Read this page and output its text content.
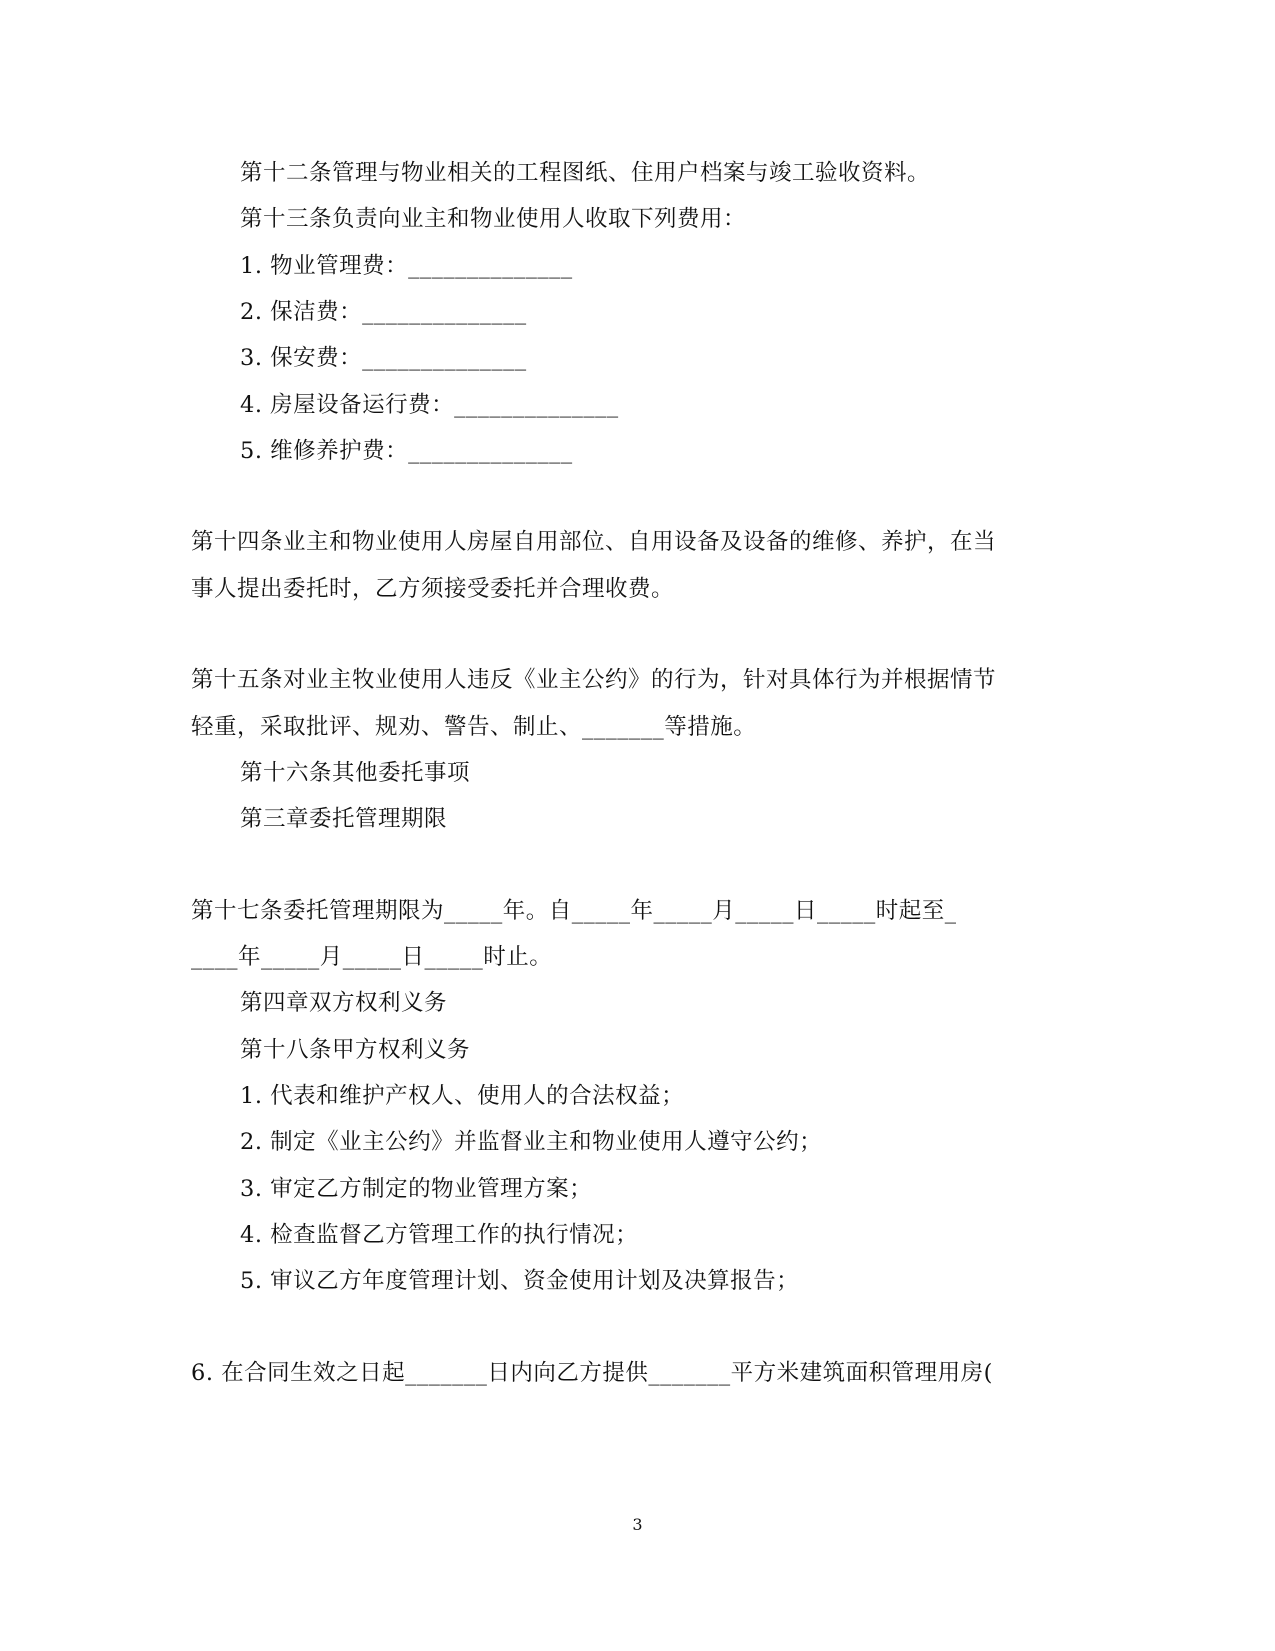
第十二条管理与物业相关的工程图纸、住用户档案与竣工验收资料。
第十三条负责向业主和物业使用人收取下列费用：
1. 物业管理费：______________
2. 保洁费：______________
3. 保安费：______________
4. 房屋设备运行费：______________
5. 维修养护费：______________
第十四条业主和物业使用人房屋自用部位、自用设备及设备的维修、养护，在当
事人提出委托时，乙方须接受委托并合理收费。
第十五条对业主牧业使用人违反《业主公约》的行为，针对具体行为并根据情节
轻重，采取批评、规劝、警告、制止、_______等措施。
第十六条其他委托事项
第三章委托管理期限
第十七条委托管理期限为_____年。自_____年_____月_____日_____时起至_
____年_____月_____日_____时止。
第四章双方权利义务
第十八条甲方权利义务
1. 代表和维护产权人、使用人的合法权益；
2. 制定《业主公约》并监督业主和物业使用人遵守公约；
3. 审定乙方制定的物业管理方案；
4. 检查监督乙方管理工作的执行情况；
5. 审议乙方年度管理计划、资金使用计划及决算报告；
6. 在合同生效之日起_______日内向乙方提供_______平方米建筑面积管理用房(
3
